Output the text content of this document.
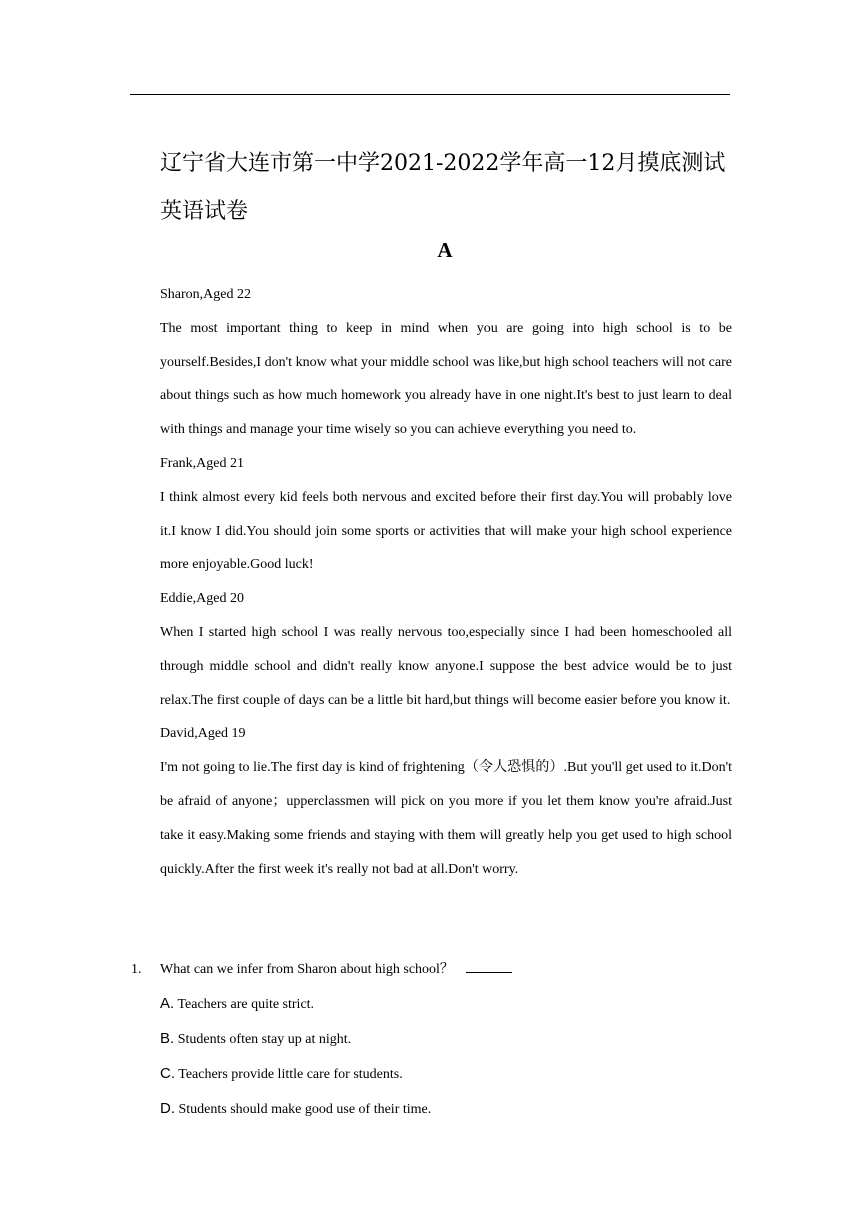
辽宁省大连市第一中学2021-2022学年高一12月摸底测试英语试卷
A
Sharon,Aged 22

The most important thing to keep in mind when you are going into high school is to be yourself.Besides,I don't know what your middle school was like,but high school teachers will not care about things such as how much homework you already have in one night.It's best to just learn to deal with things and manage your time wisely so you can achieve everything you need to.

Frank,Aged 21

I think almost every kid feels both nervous and excited before their first day.You will probably love it.I know I did.You should join some sports or activities that will make your high school experience more enjoyable.Good luck!

Eddie,Aged 20

When I started high school I was really nervous too,especially since I had been homeschooled all through middle school and didn't really know anyone.I suppose the best advice would be to just relax.The first couple of days can be a little bit hard,but things will become easier before you know it.

David,Aged 19

I'm not going to lie.The first day is kind of frightening（令人恐惧的）.But you'll get used to it.Don't be afraid of anyone；upperclassmen will pick on you more if you let them know you're afraid.Just take it easy.Making some friends and staying with them will greatly help you get used to high school quickly.After the first week it's really not bad at all.Don't worry.

1. What can we infer from Sharon about high school？
A. Teachers are quite strict.
B. Students often stay up at night.
C. Teachers provide little care for students.
D. Students should make good use of their time.
